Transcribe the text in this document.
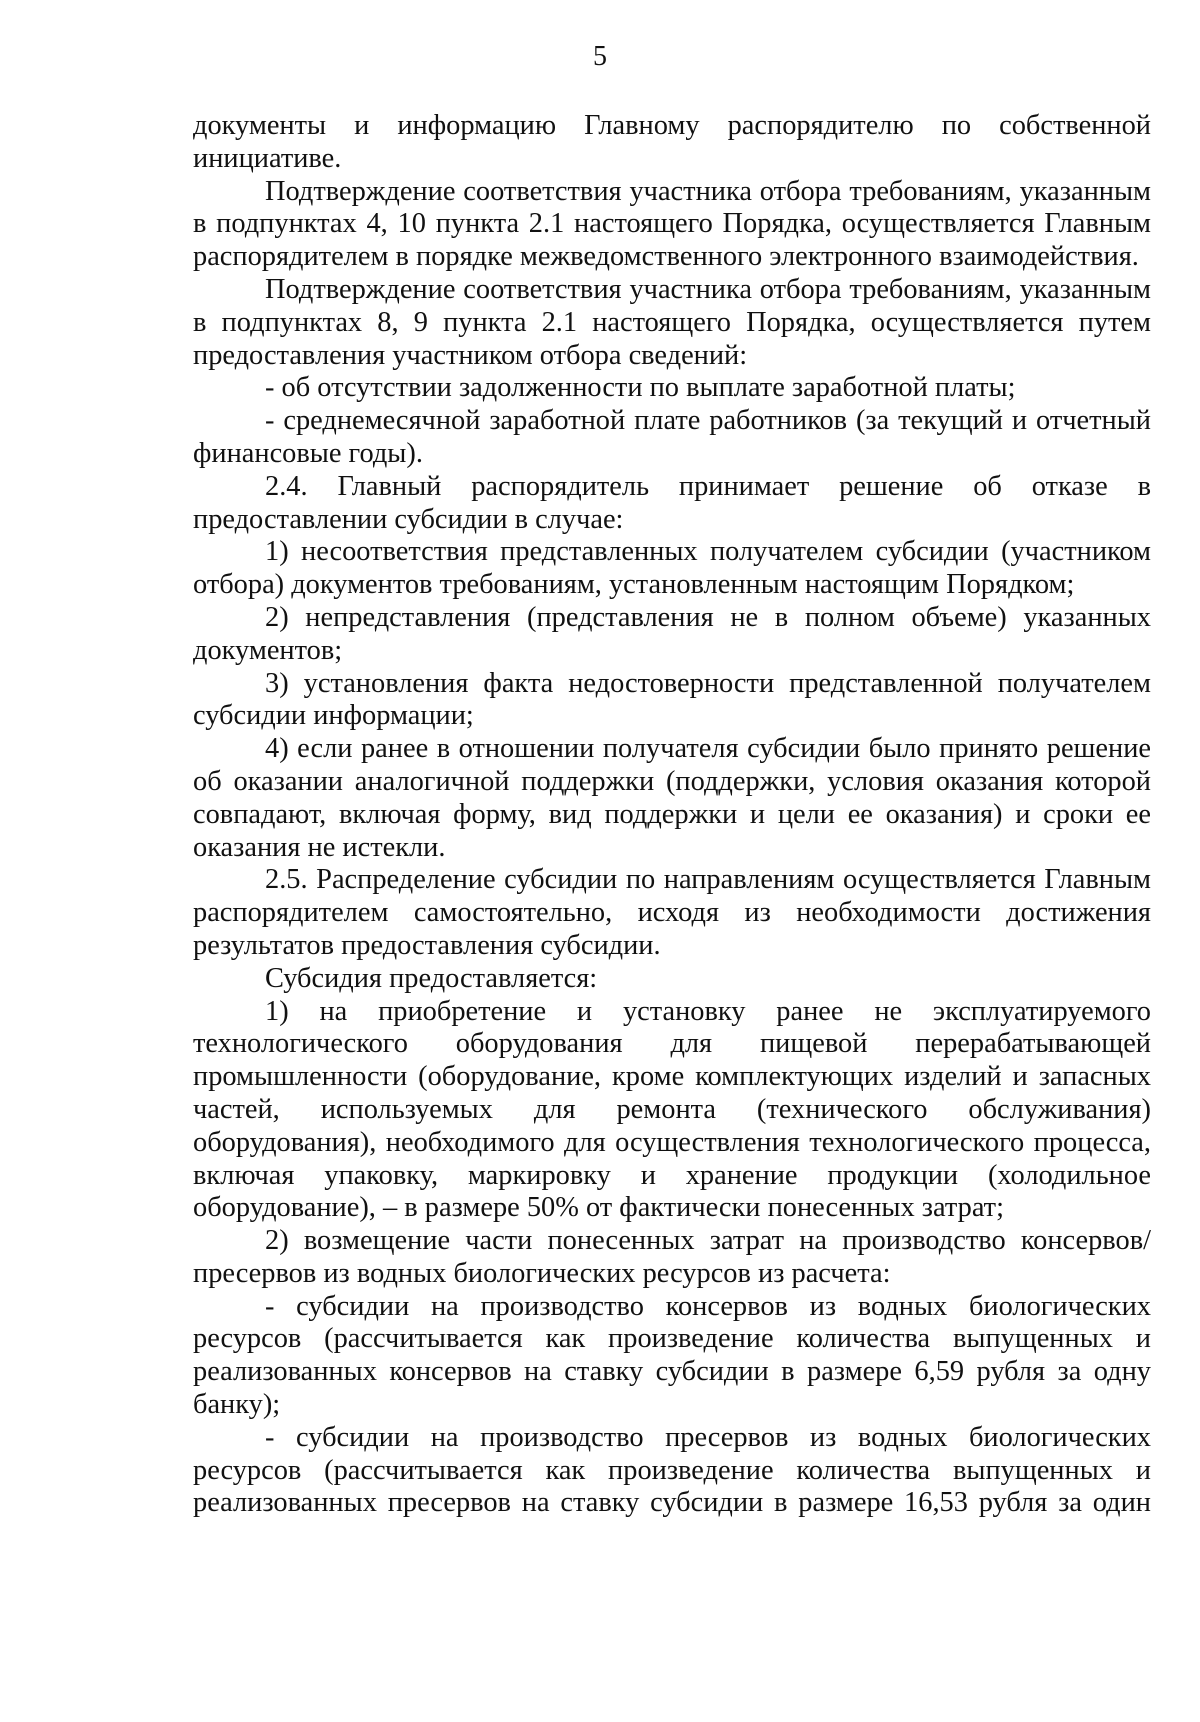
5

документы и информацию Главному распорядителю по собственной инициативе.

Подтверждение соответствия участника отбора требованиям, указанным в подпунктах 4, 10 пункта 2.1 настоящего Порядка, осуществляется Главным распорядителем в порядке межведомственного электронного взаимодействия.

Подтверждение соответствия участника отбора требованиям, указанным в подпунктах 8, 9 пункта 2.1 настоящего Порядка, осуществляется путем предоставления участником отбора сведений:

- об отсутствии задолженности по выплате заработной платы;

- среднемесячной заработной плате работников (за текущий и отчетный финансовые годы).

2.4. Главный распорядитель принимает решение об отказе в предоставлении субсидии в случае:

1) несоответствия представленных получателем субсидии (участником отбора) документов требованиям, установленным настоящим Порядком;

2) непредставления (представления не в полном объеме) указанных документов;

3) установления факта недостоверности представленной получателем субсидии информации;

4) если ранее в отношении получателя субсидии было принято решение об оказании аналогичной поддержки (поддержки, условия оказания которой совпадают, включая форму, вид поддержки и цели ее оказания) и сроки ее оказания не истекли.

2.5. Распределение субсидии по направлениям осуществляется Главным распорядителем самостоятельно, исходя из необходимости достижения результатов предоставления субсидии.

Субсидия предоставляется:

1) на приобретение и установку ранее не эксплуатируемого технологического оборудования для пищевой перерабатывающей промышленности (оборудование, кроме комплектующих изделий и запасных частей, используемых для ремонта (технического обслуживания) оборудования), необходимого для осуществления технологического процесса, включая упаковку, маркировку и хранение продукции (холодильное оборудование), – в размере 50% от фактически понесенных затрат;

2) возмещение части понесенных затрат на производство консервов/пресервов из водных биологических ресурсов из расчета:

- субсидии на производство консервов из водных биологических ресурсов (рассчитывается как произведение количества выпущенных и реализованных консервов на ставку субсидии в размере 6,59 рубля за одну банку);

- субсидии на производство пресервов из водных биологических ресурсов (рассчитывается как произведение количества выпущенных и реализованных пресервов на ставку субсидии в размере 16,53 рубля за один
